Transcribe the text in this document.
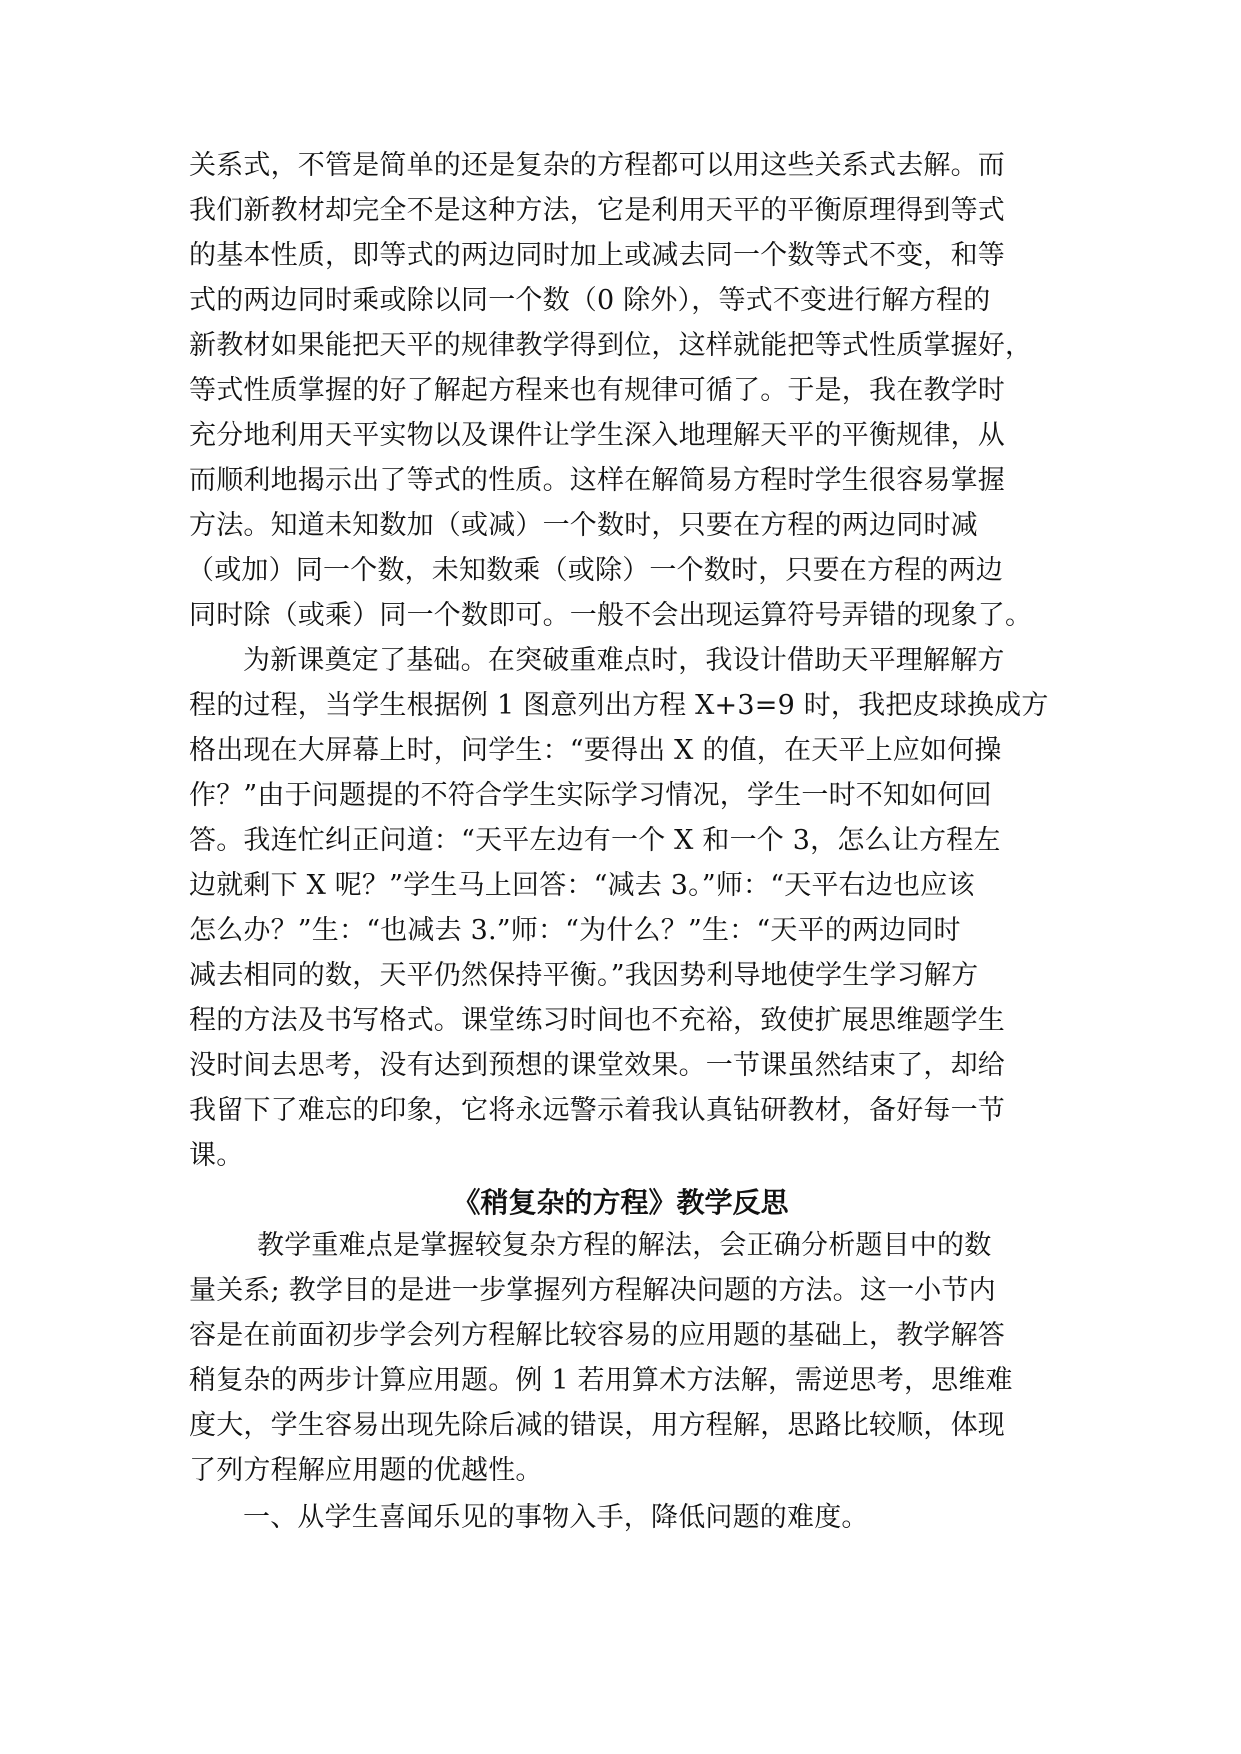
关系式，不管是简单的还是复杂的方程都可以用这些关系式去解。而
我们新教材却完全不是这种方法，它是利用天平的平衡原理得到等式
的基本性质，即等式的两边同时加上或减去同一个数等式不变，和等
式的两边同时乘或除以同一个数（0 除外），等式不变进行解方程的
新教材如果能把天平的规律教学得到位，这样就能把等式性质掌握好，
等式性质掌握的好了解起方程来也有规律可循了。于是，我在教学时
充分地利用天平实物以及课件让学生深入地理解天平的平衡规律，从
而顺利地揭示出了等式的性质。这样在解简易方程时学生很容易掌握
方法。知道未知数加（或减）一个数时，只要在方程的两边同时减
（或加）同一个数，未知数乘（或除）一个数时，只要在方程的两边
同时除（或乘）同一个数即可。一般不会出现运算符号弄错的现象了。
为新课奠定了基础。在突破重难点时，我设计借助天平理解解方
程的过程，当学生根据例 1 图意列出方程 X+3=9 时，我把皮球换成方
格出现在大屏幕上时，问学生：“要得出 X 的值，在天平上应如何操
作？”由于问题提的不符合学生实际学习情况，学生一时不知如何回
答。我连忙纠正问道：“天平左边有一个 X 和一个 3，怎么让方程左
边就剩下 X 呢？”学生马上回答：“减去 3。”师：“天平右边也应该
怎么办？”生：“也减去 3.”师：“为什么？”生：“天平的两边同时
减去相同的数，天平仍然保持平衡。”我因势利导地使学生学习解方
程的方法及书写格式。课堂练习时间也不充裕，致使扩展思维题学生
没时间去思考，没有达到预想的课堂效果。一节课虽然结束了，却给
我留下了难忘的印象，它将永远警示着我认真钻研教材，备好每一节
课。
《稍复杂的方程》教学反思
教学重难点是掌握较复杂方程的解法，会正确分析题目中的数
量关系; 教学目的是进一步掌握列方程解决问题的方法。这一小节内
容是在前面初步学会列方程解比较容易的应用题的基础上，教学解答
稍复杂的两步计算应用题。例 1 若用算术方法解，需逆思考，思维难
度大，学生容易出现先除后减的错误，用方程解，思路比较顺，体现
了列方程解应用题的优越性。
一、从学生喜闻乐见的事物入手，降低问题的难度。
